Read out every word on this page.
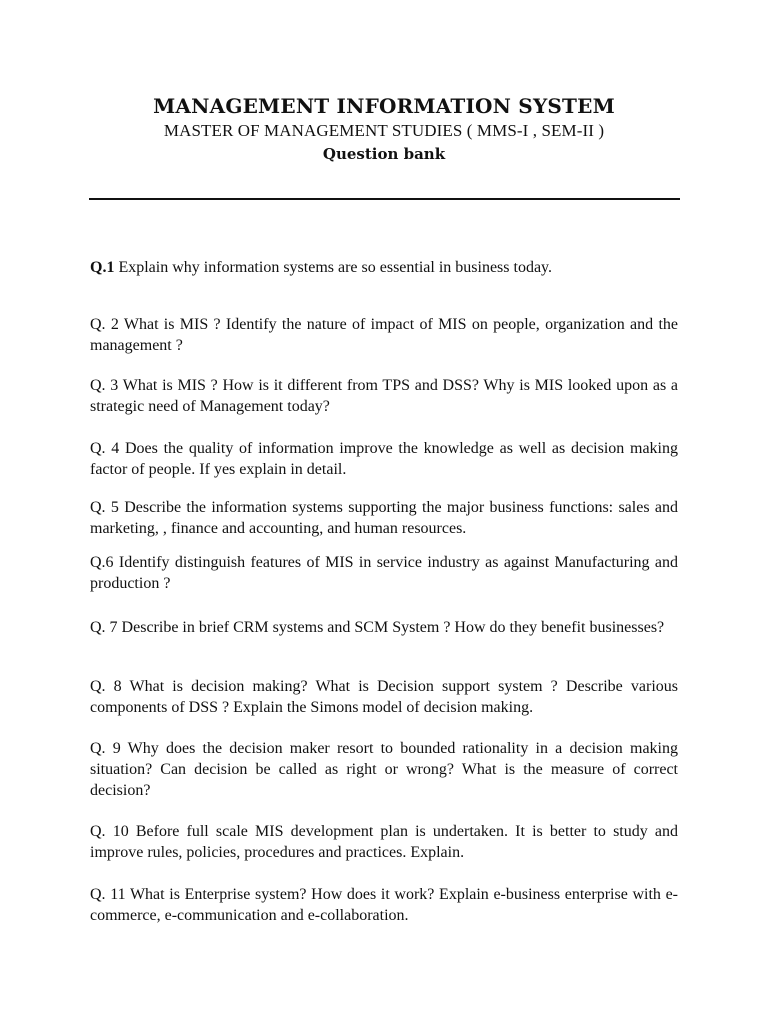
MANAGEMENT INFORMATION SYSTEM

MASTER OF MANAGEMENT STUDIES ( MMS-I , SEM-II )

Question bank

Q.1 Explain why information systems are so essential in business today.

Q. 2 What is MIS ? Identify the nature of impact of MIS on people, organization and the management ?

Q. 3 What is MIS ? How is it different from TPS and DSS? Why is MIS looked upon as a strategic need of Management today?

Q. 4 Does the quality of information improve the knowledge as well as decision making factor of people. If yes explain in detail.

Q. 5 Describe the information systems supporting the major business functions: sales and marketing, , finance and accounting, and human resources.

Q.6 Identify distinguish features of MIS in service industry as against Manufacturing and production ?

Q. 7 Describe in brief CRM systems and SCM System ? How do they benefit businesses?

Q. 8 What is decision making? What is Decision support system ? Describe various components of DSS ? Explain the Simons model of decision making.

Q. 9 Why does the decision maker resort to bounded rationality in a decision making situation? Can decision be called as right or wrong? What is the measure of correct decision?

Q. 10 Before full scale MIS development plan is undertaken. It is better to study and improve rules, policies, procedures and practices. Explain.

Q. 11 What is Enterprise system? How does it work? Explain e-business enterprise with e-commerce, e-communication and e-collaboration.
